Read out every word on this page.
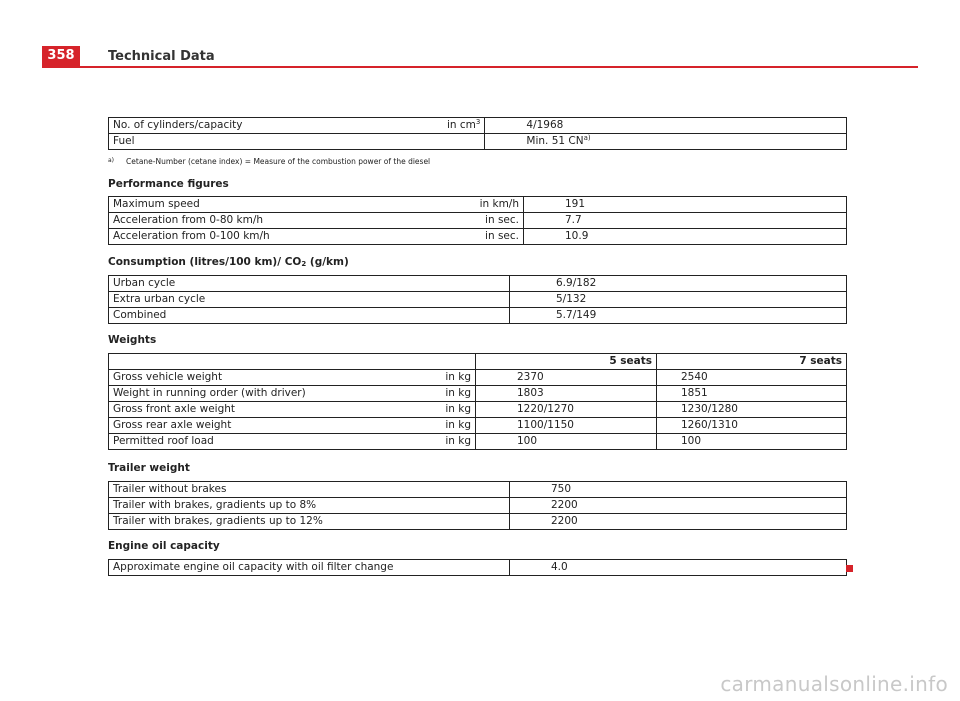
358	Technical Data
No. of cylinders/capacity	in $cm^3$	4/1968
Fuel		Min. 51 CN$^{a)}$
$^{a)}$ Cetane-Number (cetane index) = Measure of the combustion power of the diesel
Performance figures
Maximum speed	in km/h	191
Acceleration from 0-80 km/h	in sec.	7.7
Acceleration from 0-100 km/h	in sec.	10.9
Consumption (litres/100 km)/ CO2 (g/km)
Urban cycle	6.9/182
Extra urban cycle	5/132
Combined	5.7/149
Weights
		5 seats	7 seats
Gross vehicle weight	in kg	2370	2540
Weight in running order (with driver)	in kg	1803	1851
Gross front axle weight	in kg	1220/1270	1230/1280
Gross rear axle weight	in kg	1100/1150	1260/1310
Permitted roof load	in kg	100	100
Trailer weight
Trailer without brakes	750
Trailer with brakes, gradients up to 8%	2200
Trailer with brakes, gradients up to 12%	2200
Engine oil capacity
Approximate engine oil capacity with oil filter change	4.0
carmanualsonline.info
